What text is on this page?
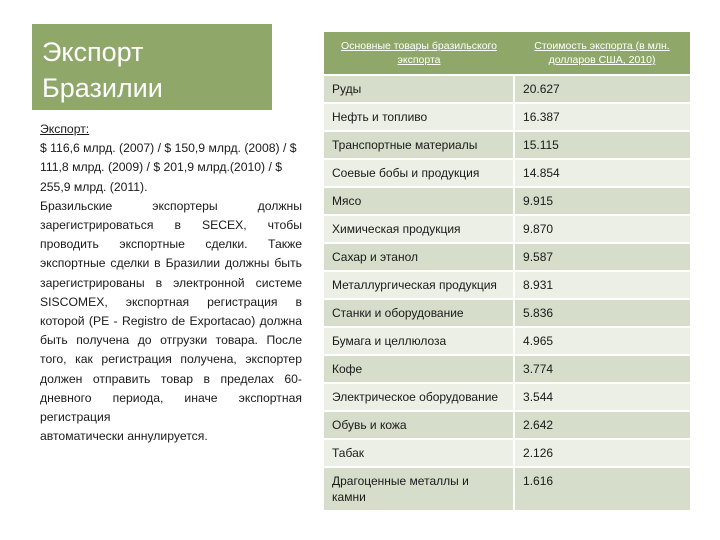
Экспорт
Бразилии

Экспорт:

$ 116,6 млрд. (2007) / $ 150,9 млрд. (2008) / $ 111,8 млрд. (2009) / $ 201,9 млрд.(2010) / $ 255,9 млрд. (2011).

Бразильские экспортеры должны зарегистрироваться в SECEX, чтобы проводить экспортные сделки. Также экспортные сделки в Бразилии должны быть зарегистрированы в электронной системе SISCOMEX, экспортная регистрация в которой (РЕ - Registro de Exportacao) должна быть получена до отгрузки товара. После того, как регистрация получена, экспортер должен отправить товар в пределах 60-дневного периода, иначе экспортная регистрация

автоматически аннулируется.

Основные товары бразильского экспорта	Стоимость экспорта (в млн. долларов США, 2010)
Руды	20.627
Нефть и топливо	16.387
Транспортные материалы	15.115
Соевые бобы и продукция	14.854
Мясо	9.915
Химическая продукция	9.870
Сахар и этанол	9.587
Металлургическая продукция	8.931
Станки и оборудование	5.836
Бумага и целлюлоза	4.965
Кофе	3.774
Электрическое оборудование	3.544
Обувь и кожа	2.642
Табак	2.126
Драгоценные металлы и камни	1.616
